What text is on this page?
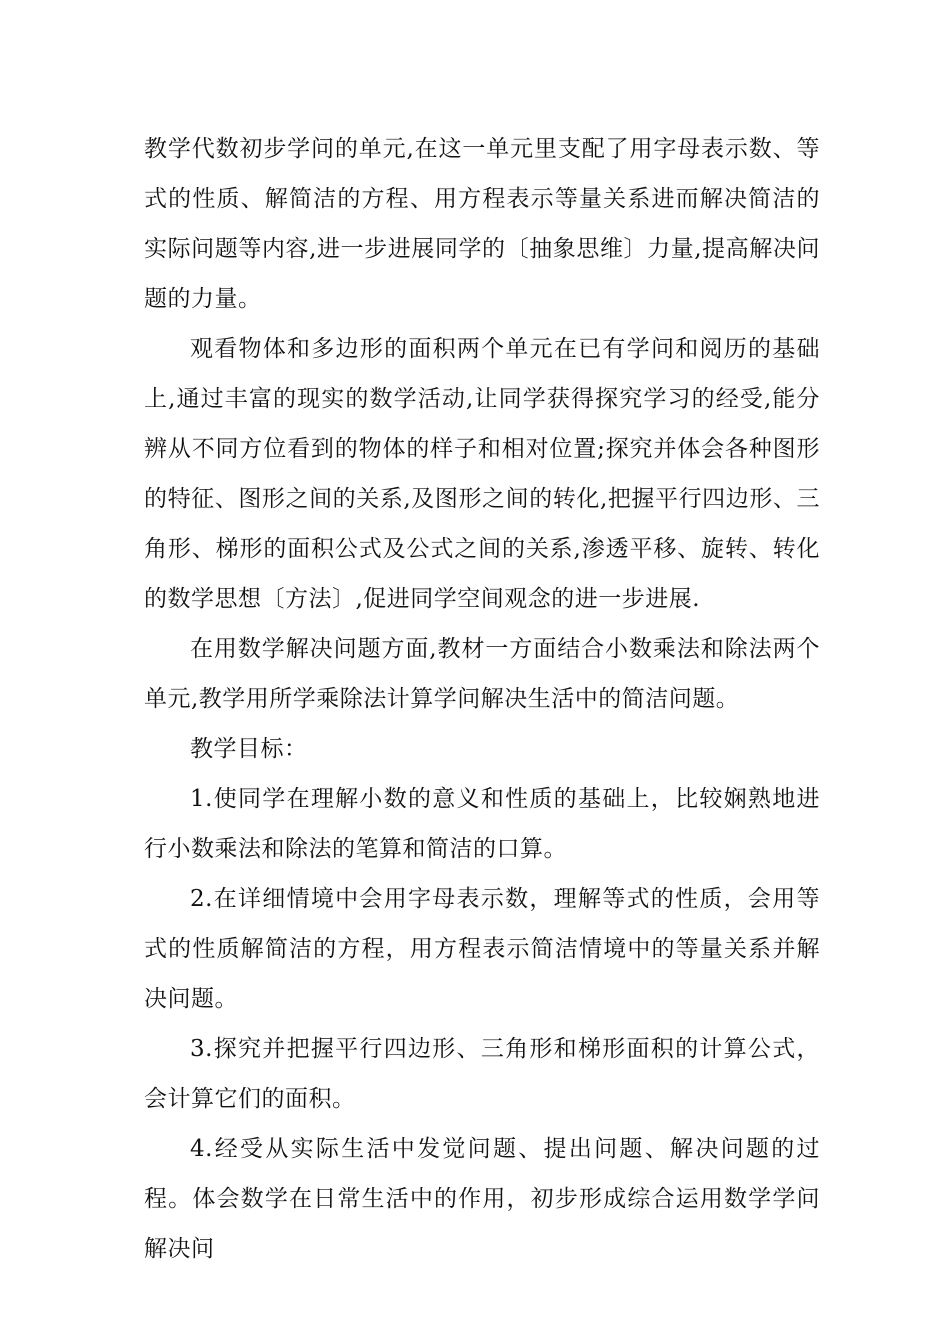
教学代数初步学问的单元,在这一单元里支配了用字母表示数、等式的性质、解简洁的方程、用方程表示等量关系进而解决简洁的实际问题等内容,进一步进展同学的〔抽象思维〕力量,提高解决问题的力量。

观看物体和多边形的面积两个单元在已有学问和阅历的基础上,通过丰富的现实的数学活动,让同学获得探究学习的经受,能分辨从不同方位看到的物体的样子和相对位置;探究并体会各种图形的特征、图形之间的关系,及图形之间的转化,把握平行四边形、三角形、梯形的面积公式及公式之间的关系,渗透平移、旋转、转化的数学思想〔方法〕,促进同学空间观念的进一步进展.

在用数学解决问题方面,教材一方面结合小数乘法和除法两个单元,教学用所学乘除法计算学问解决生活中的简洁问题。

教学目标：

1.使同学在理解小数的意义和性质的基础上，比较娴熟地进行小数乘法和除法的笔算和简洁的口算。

2.在详细情境中会用字母表示数，理解等式的性质，会用等式的性质解简洁的方程，用方程表示简洁情境中的等量关系并解决问题。

3.探究并把握平行四边形、三角形和梯形面积的计算公式，会计算它们的面积。

4.经受从实际生活中发觉问题、提出问题、解决问题的过程。体会数学在日常生活中的作用，初步形成综合运用数学学问解决问
